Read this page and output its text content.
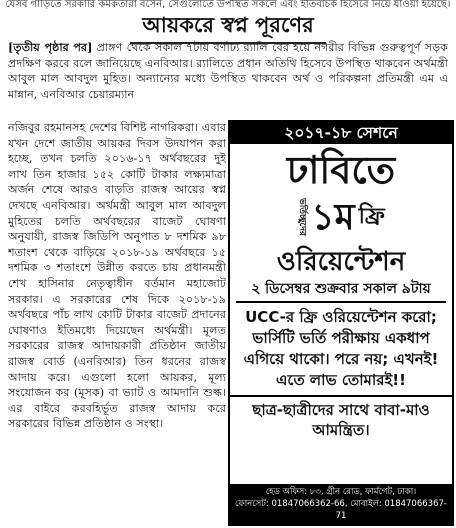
যেসব গাড়িতে সরকারি কর্মকর্তারা বসেন, সেগুলোতে উপস্থিত সকলে এবং ইতিবাচক হিসেবে নিয়ে যাওয়া হয়েছে।
আয়করে স্বপ্ন পূরণের
[তৃতীয় পৃষ্ঠার পর] প্রাঙ্গণ থেকে সকাল ৭টায় বর্ণাঢ্য র‍্যালি বের হয়ে নগরীর বিভিন্ন গুরুত্বপূর্ণ সড়ক প্রদক্ষিণ করবে বলে জানিয়েছে এনবিআর। র‍্যালিতে প্রধান অতিথি হিসেবে উপস্থিত থাকবেন অর্থমন্ত্রী আবুল মাল আবদুল মুহিত। অন্যান্যের মধ্যে উপস্থিত থাকবেন অর্থ ও পরিকল্পনা প্রতিমন্ত্রী এম এ মান্নান, এনবিআর চেয়ারম্যান

নজিবুর রহমানসহ দেশের বিশিষ্ট নাগরিকরা। এবার যখন দেশে জাতীয় আয়কর দিবস উদযাপন করা হচ্ছে, তখন চলতি ২০১৬-১৭ অর্থবছরের দুই লাখ তিন হাজার ১৫২ কোটি টাকার লক্ষ্যমাত্রা অর্জন শেষে আরও বাড়তি রাজস্ব আয়ের স্বপ্ন দেখছে এনবিআর। অর্থমন্ত্রী আবুল মাল আবদুল মুহিতের চলতি অর্থবছরের বাজেট ঘোষণা অনুযায়ী, রাজস্ব জিডিপি অনুপাত ৮ দশমিক ৯৮ শতাংশ থেকে বাড়িয়ে ২০১৮-১৯ অর্থবছরে ১৫ দশমিক ৩ শতাংশে উন্নীত করতে চায় প্রধানমন্ত্রী শেখ হাসিনার নেতৃত্বাধীন বর্তমান মহাজোট সরকার। এ সরকারের শেষ দিকে ২০১৮-১৯ অর্থবছরে পাঁচ লাখ কোটি টাকার বাজেট প্রদানের ঘোষণাও ইতিমধ্যে দিয়েছেন অর্থমন্ত্রী। মূলত সরকারের রাজস্ব আদায়কারী প্রতিষ্ঠান জাতীয় রাজস্ব বোর্ড (এনবিআর) তিন ধরনের রাজস্ব আদায় করে। এগুলো হলো আয়কর, মূল্য সংযোজন কর (মূসক) বা ভ্যাট ও আমদানি শুল্ক। এর বাইরে করবহির্ভূত রাজস্ব আদায় করে সরকারের বিভিন্ন প্রতিষ্ঠান ও সংস্থা।

২০১৭-১৮ সেশনে
ঢাবিতে
ভর্তিচ্ছুদের ১ম ফ্রি
ওরিয়েন্টেশন
২ ডিসেম্বর শুক্রবার সকাল ৯টায়
UCC-র ফ্রি ওরিয়েন্টেশন করো; ভার্সিটি ভর্তি পরীক্ষায় একধাপ এগিয়ে থাকো। পরে নয়; এখনই! এতে লাভ তোমারই!!
ছাত্র-ছাত্রীদের সাথে বাবা-মাও আমন্ত্রিত।
হেড অফিস: ৮৩, গ্রীন রোড, ফার্মগেট, ঢাকা।
ফোনসেট: 01847066362-66, মোবাইল: 01847066367-71
